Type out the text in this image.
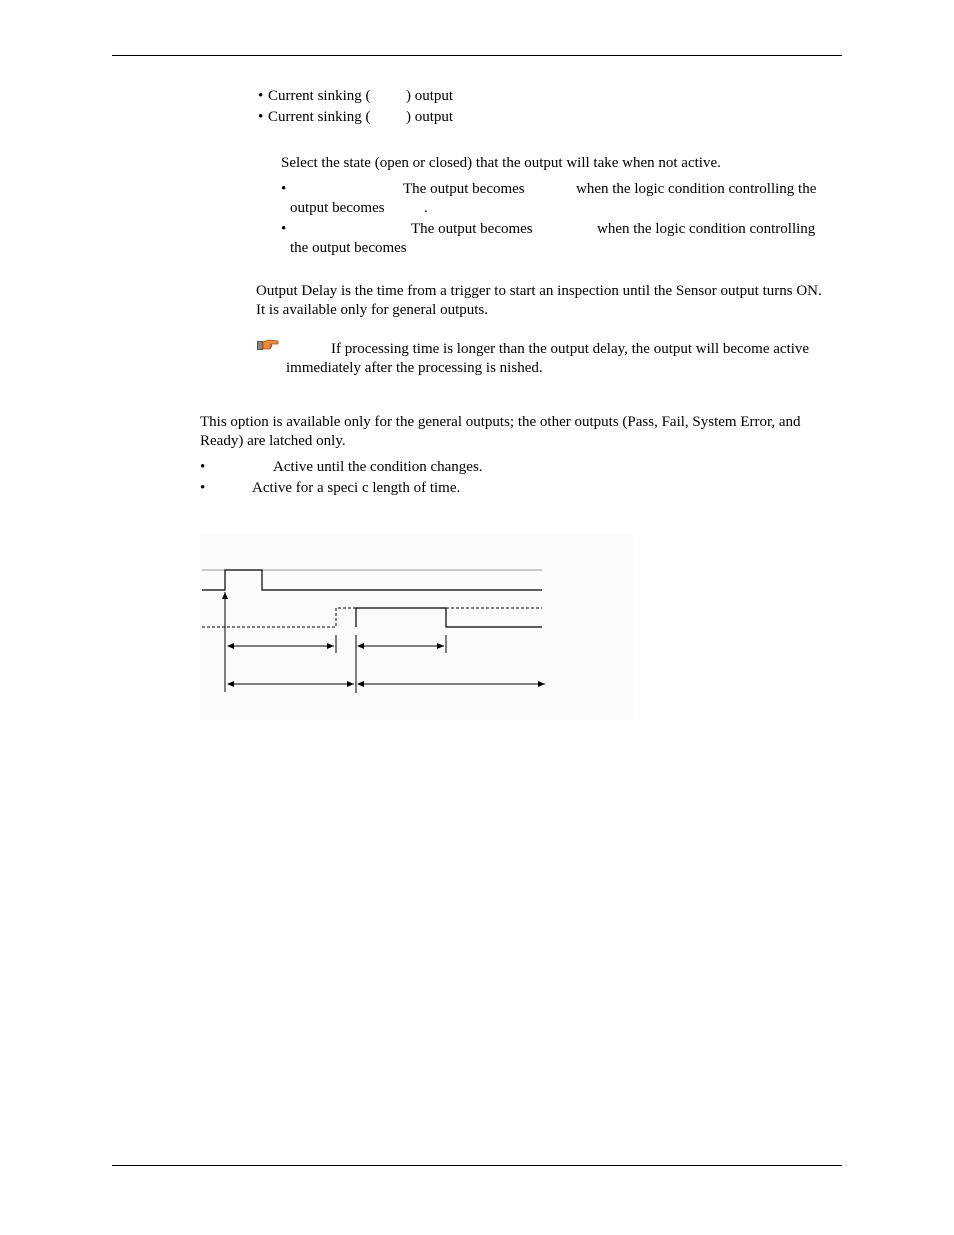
• Current sinking ( ) output
• Current sinking ( ) output
Select the state (open or closed) that the output will take when not active.
•	The output becomes	when the logic condition controlling the
output becomes	.
•	The output becomes	when the logic condition controlling
the output becomes
Output Delay is the time from a trigger to start an inspection until the Sensor output turns ON.
It is available only for general outputs.
If processing time is longer than the output delay, the output will become active
immediately after the processing is nished.
This option is available only for the general outputs; the other outputs (Pass, Fail, System Error, and
Ready) are latched only.
•	Active until the condition changes.
•	Active for a speci c length of time.
